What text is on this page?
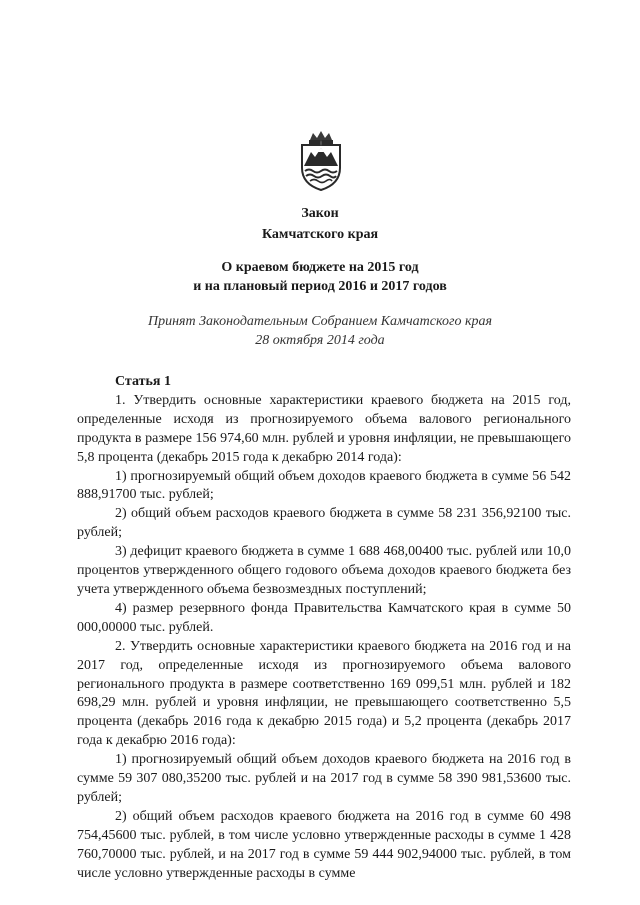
Закон
Камчатского края
О краевом бюджете на 2015 год
и на плановый период 2016 и 2017 годов
Принят Законодательным Собранием Камчатского края
28 октября 2014 года

Статья 1

1. Утвердить основные характеристики краевого бюджета на 2015 год, определенные исходя из прогнозируемого объема валового регионального продукта в размере 156 974,60 млн. рублей и уровня инфляции, не превышающего 5,8 процента (декабрь 2015 года к декабрю 2014 года):

1) прогнозируемый общий объем доходов краевого бюджета в сумме 56 542 888,91700 тыс. рублей;

2) общий объем расходов краевого бюджета в сумме 58 231 356,92100 тыс. рублей;

3) дефицит краевого бюджета в сумме 1 688 468,00400 тыс. рублей или 10,0 процентов утвержденного общего годового объема доходов краевого бюджета без учета утвержденного объема безвозмездных поступлений;

4) размер резервного фонда Правительства Камчатского края в сумме 50 000,00000 тыс. рублей.

2. Утвердить основные характеристики краевого бюджета на 2016 год и на 2017 год, определенные исходя из прогнозируемого объема валового регионального продукта в размере соответственно 169 099,51 млн. рублей и 182 698,29 млн. рублей и уровня инфляции, не превышающего соответственно 5,5 процента (декабрь 2016 года к декабрю 2015 года) и 5,2 процента (декабрь 2017 года к декабрю 2016 года):

1) прогнозируемый общий объем доходов краевого бюджета на 2016 год в сумме 59 307 080,35200 тыс. рублей и на 2017 год в сумме 58 390 981,53600 тыс. рублей;

2) общий объем расходов краевого бюджета на 2016 год в сумме 60 498 754,45600 тыс. рублей, в том числе условно утвержденные расходы в сумме 1 428 760,70000 тыс. рублей, и на 2017 год в сумме 59 444 902,94000 тыс. рублей, в том числе условно утвержденные расходы в сумме
